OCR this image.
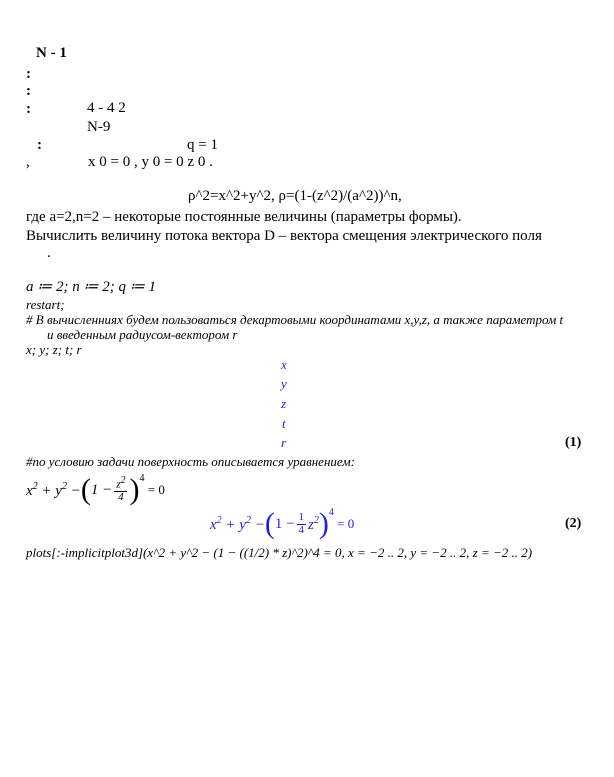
N - 1
:
:
:	4 - 4 2
N-9
:	q = 1
,	x 0 = 0 , y 0 = 0 z 0 .
ρ^2=x^2+y^2, ρ=(1-(z^2)/(a^2))^n,
где a=2,n=2 – некоторые постоянные величины (параметры формы).
Вычислить величину потока вектора D – вектора смещения электрического поля
.
a ≔ 2; n ≔ 2; q ≔ 1
restart;
# В вычисленниях будем пользоваться декартовыми координатами x,y,z, а также параметром t
и введенным радиусом-вектором r
x; y; z; t; r
x
y
z
t
r	(1)
#по условию задачи поверхность описывается уравнением:
$x^2 + y^2$ − ( $1 - \frac{z^2}{4} )^4$
= 0
$x^2 + y^2$ − ( $1 - \frac{1}{4} z^2$ )$^4$
= 0	(2)
plots[:-implicitplot3d](x^2 + y^2 − (1 − ((1/2) * z)^2)^4 = 0, x = −2 .. 2, y = −2 .. 2, z = −2 .. 2)
